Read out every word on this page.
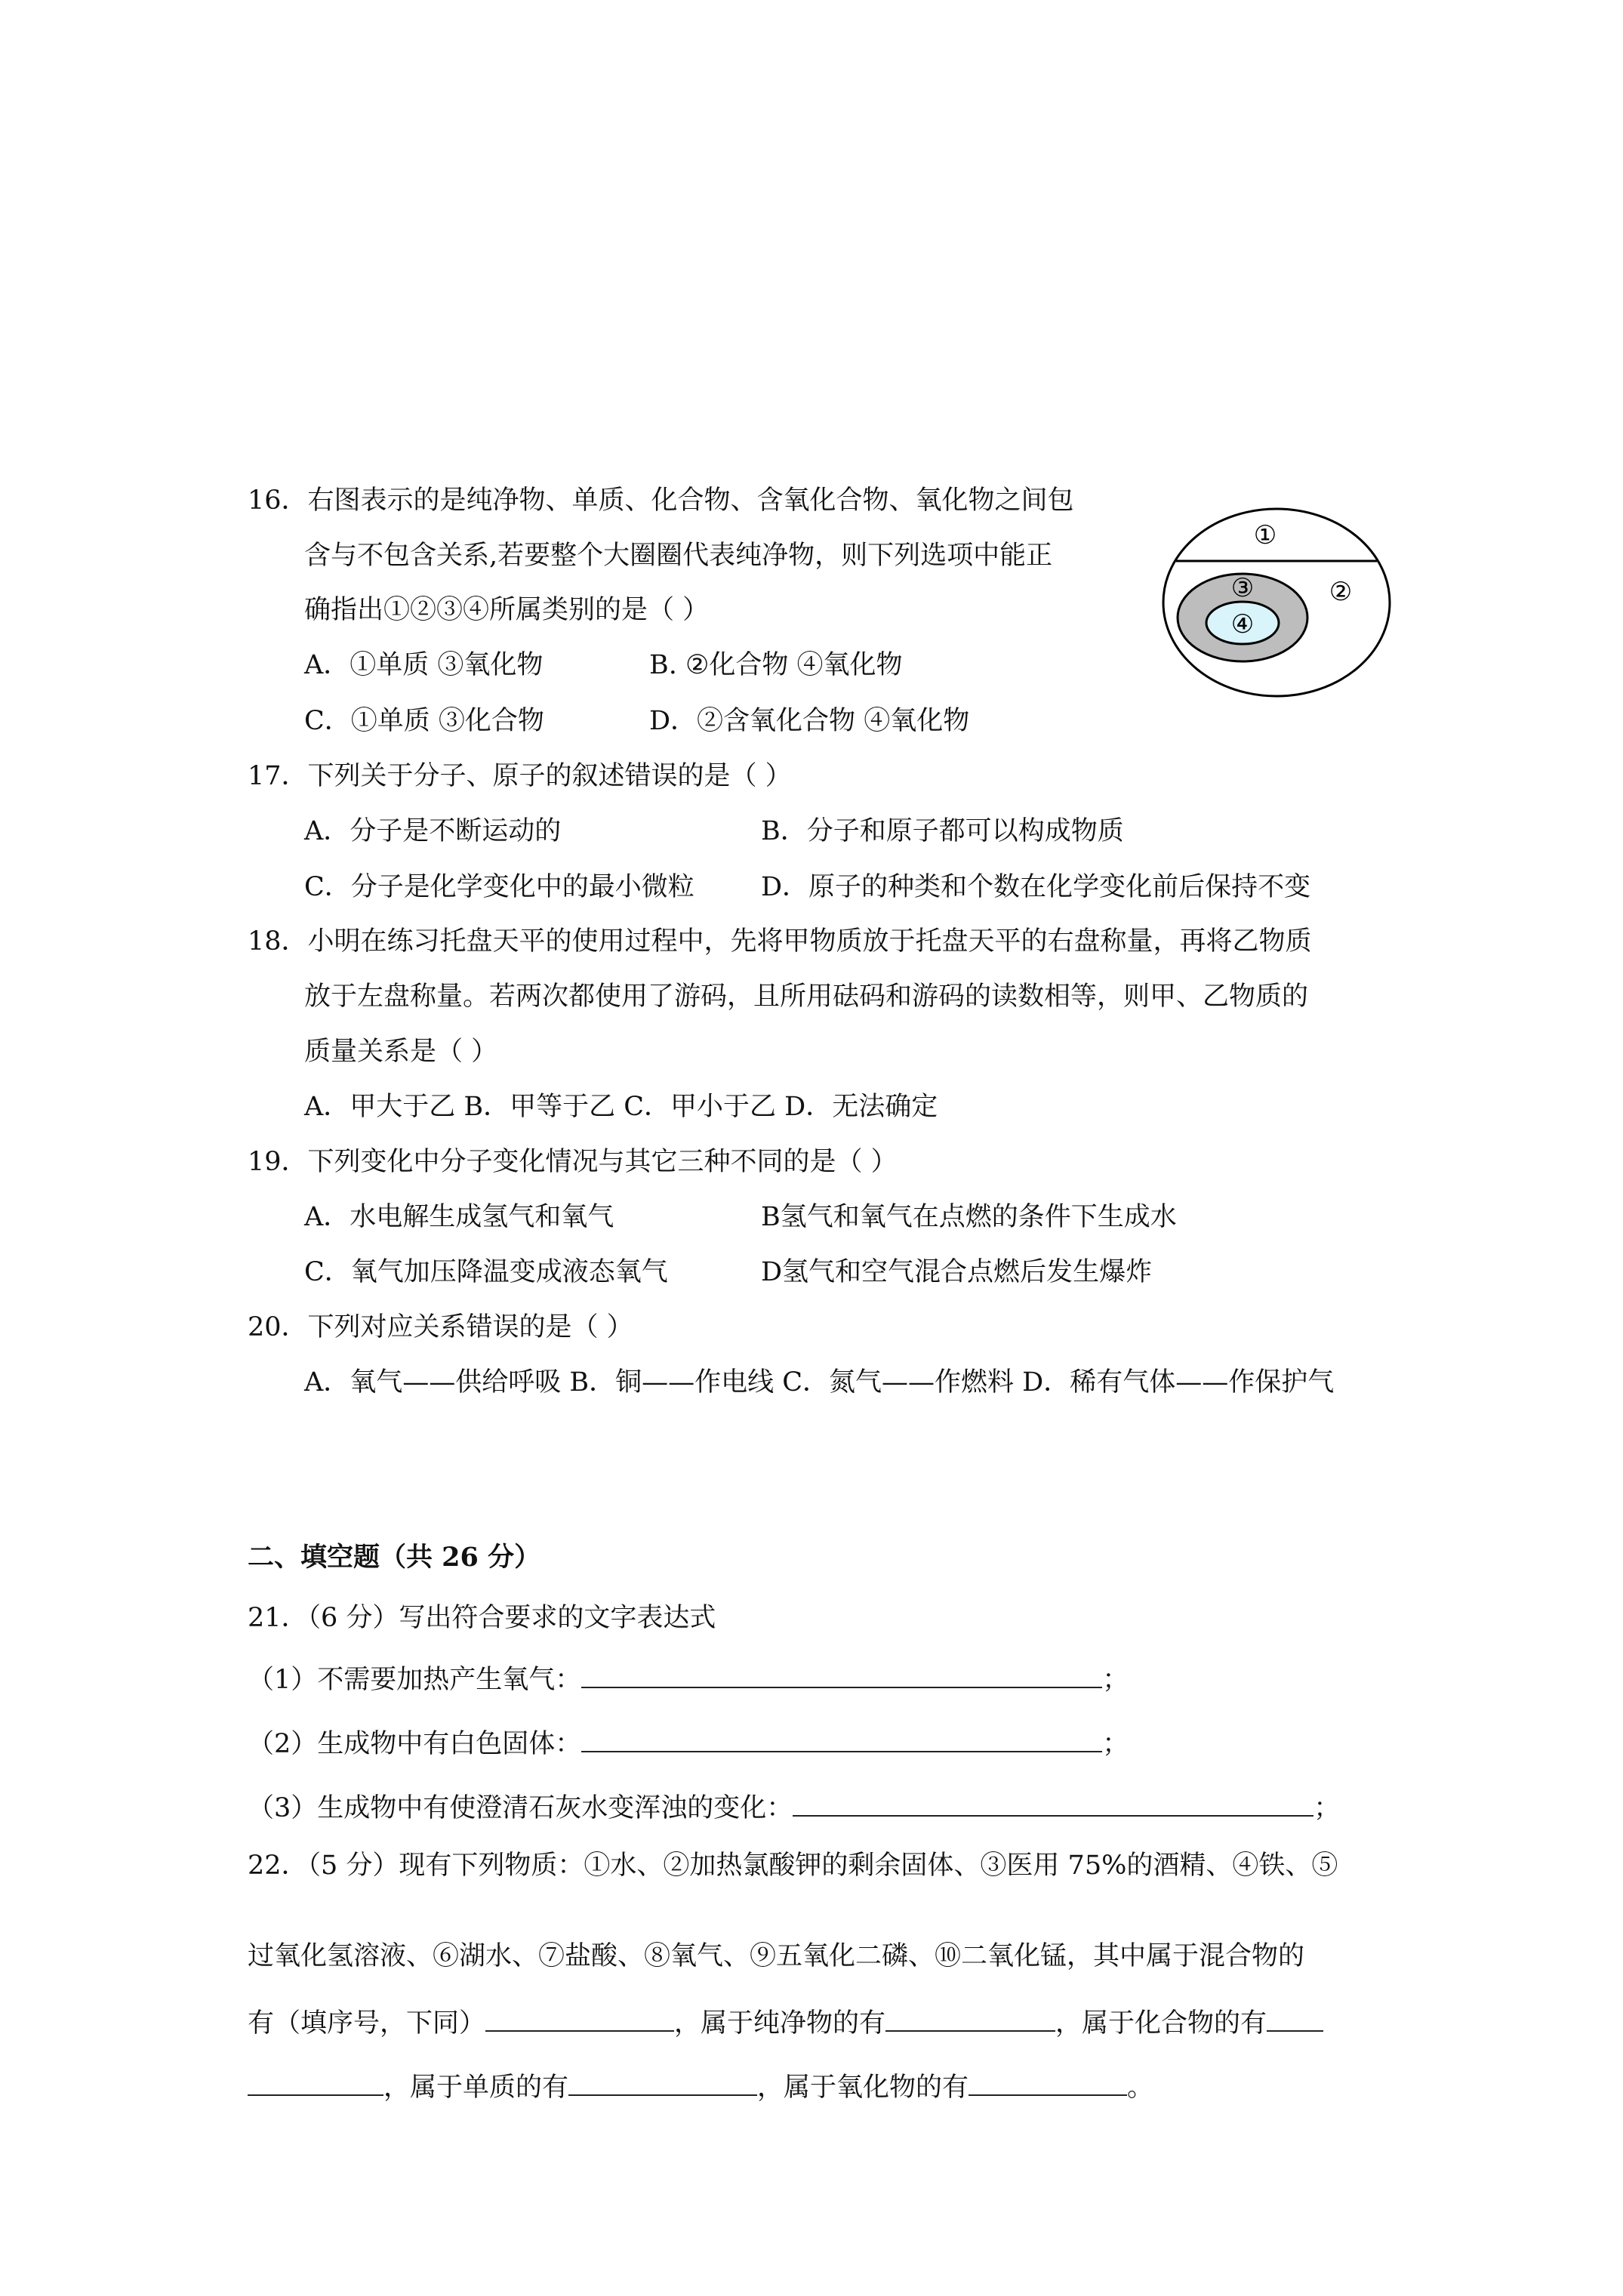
16．右图表示的是纯净物、单质、化合物、含氧化合物、氧化物之间包
含与不包含关系,若要整个大圈圈代表纯净物，则下列选项中能正
确指出①②③④所属类别的是（ ）
A．①单质 ③氧化物	B. ②化合物 ④氧化物
C．①单质 ③化合物	D．②含氧化合物 ④氧化物
①
②
③
④
17．下列关于分子、原子的叙述错误的是（ ）
A．分子是不断运动的	B．分子和原子都可以构成物质
C．分子是化学变化中的最小微粒	D．原子的种类和个数在化学变化前后保持不变
18．小明在练习托盘天平的使用过程中，先将甲物质放于托盘天平的右盘称量，再将乙物质
放于左盘称量。若两次都使用了游码，且所用砝码和游码的读数相等，则甲、乙物质的
质量关系是（ ）
A．甲大于乙 B．甲等于乙 C．甲小于乙 D．无法确定
19．下列变化中分子变化情况与其它三种不同的是（ ）
A．水电解生成氢气和氧气	B氢气和氧气在点燃的条件下生成水
C．氧气加压降温变成液态氧气	D氢气和空气混合点燃后发生爆炸
20．下列对应关系错误的是（ ）
A．氧气——供给呼吸 B．铜——作电线 C．氮气——作燃料 D．稀有气体——作保护气
二、填空题（共 26 分）
21．（6 分）写出符合要求的文字表达式
（1）不需要加热产生氧气：	；
（2）生成物中有白色固体：	；
（3）生成物中有使澄清石灰水变浑浊的变化：	；
22．（5 分）现有下列物质：①水、②加热氯酸钾的剩余固体、③医用 75%的酒精、④铁、⑤
过氧化氢溶液、⑥湖水、⑦盐酸、⑧氧气、⑨五氧化二磷、⑩二氧化锰，其中属于混合物的
有（填序号，下同）	，属于纯净物的有	，属于化合物的有
，属于单质的有	，属于氧化物的有	。
